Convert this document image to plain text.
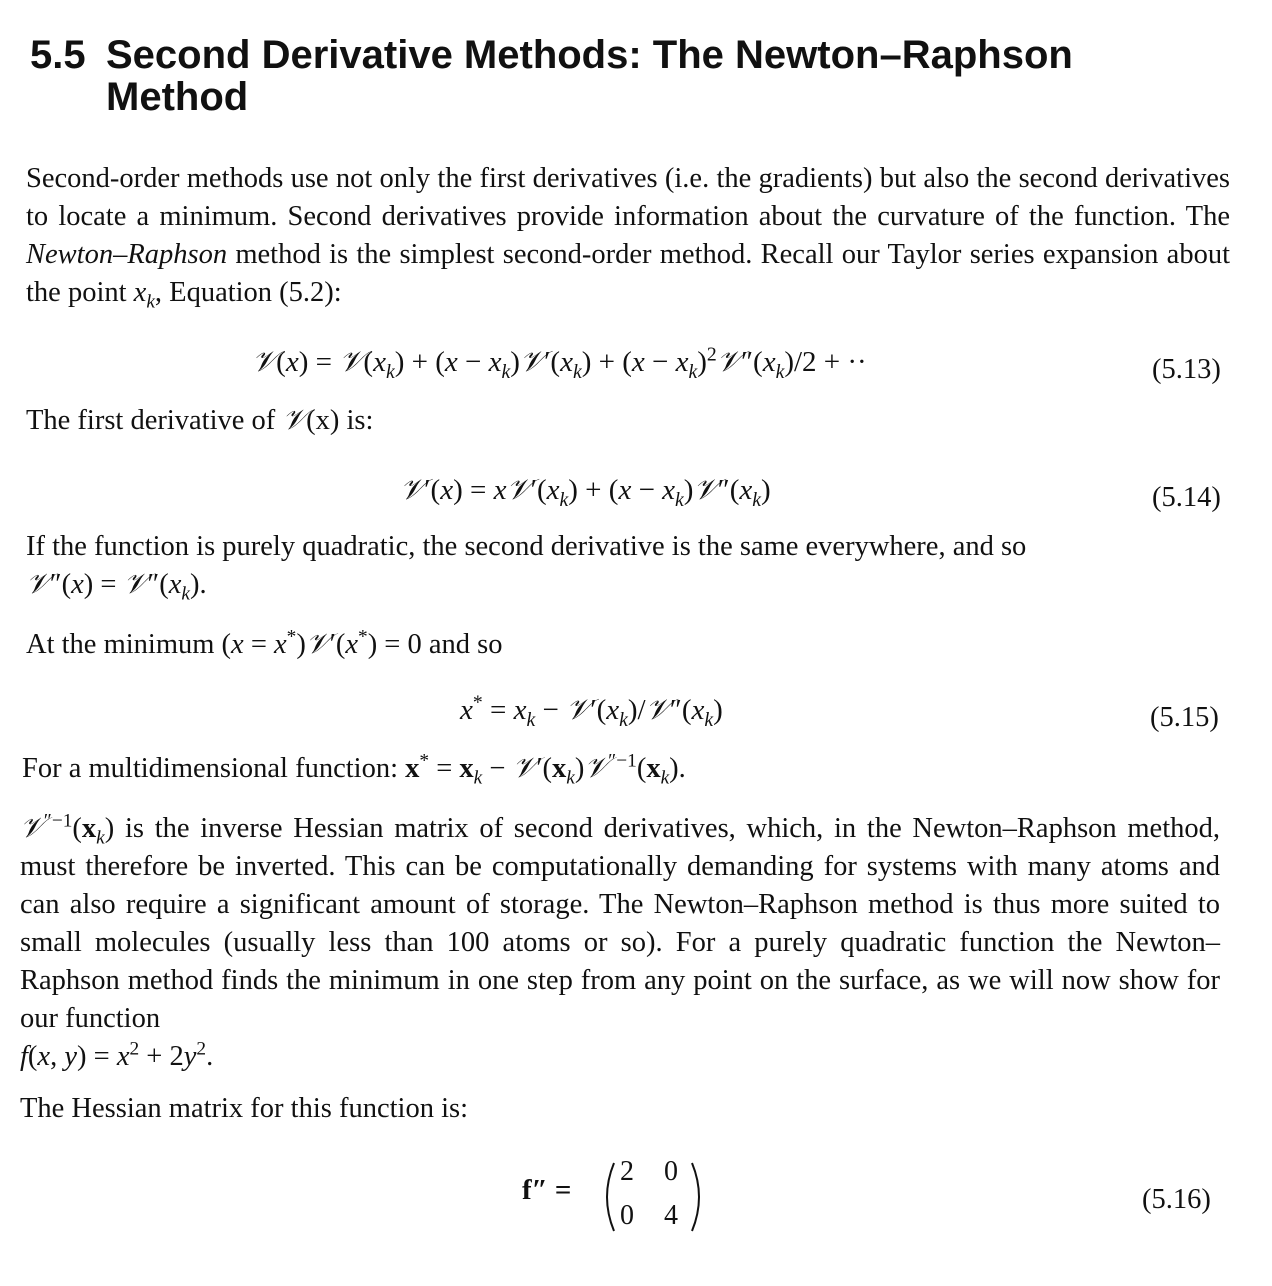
5.5 Second Derivative Methods: The Newton–Raphson
Method
Second-order methods use not only the first derivatives (i.e. the gradients) but also the second derivatives to locate a minimum. Second derivatives provide information about the curvature of the function. The Newton–Raphson method is the simplest second-order method. Recall our Taylor series expansion about the point $x_k$, Equation (5.2):
𝒱(x) = $𝒱(x_k) + (x$ − $x_k)𝒱'(x_k) + (x$ − $x_k)^2𝒱''(x_k)/2$ + ··	(5.13)
The first derivative of 𝒱(x) is:
𝒱′(x) = $x𝒱'(x_k) + (x$ − $x_k)𝒱''(x_k)$	(5.14)
If the function is purely quadratic, the second derivative is the same everywhere, and so
𝒱″(x) = $𝒱''(x_k)$.
At the minimum (x = x*)𝒱′(x*) = 0 and so
$x^* = x_k$ − $𝒱'(x_k)/𝒱''(x_k)$	(5.15)
For a multidimensional function: $x^* = x_k$ − $𝒱'(x_k)𝒱^{''-1}(x_k)$.
$𝒱^{''-1}(x_k)$ is the inverse Hessian matrix of second derivatives, which, in the Newton–Raphson method, must therefore be inverted. This can be computationally demanding for systems with many atoms and can also require a significant amount of storage. The Newton–Raphson method is thus more suited to small molecules (usually less than 100 atoms or so). For a purely quadratic function the Newton–Raphson method finds the minimum in one step from any point on the surface, as we will now show for our function
f(x, $y) = x^2 + 2y^2$.
The Hessian matrix for this function is:
f″ =
2 0
0 4
(5.16)
